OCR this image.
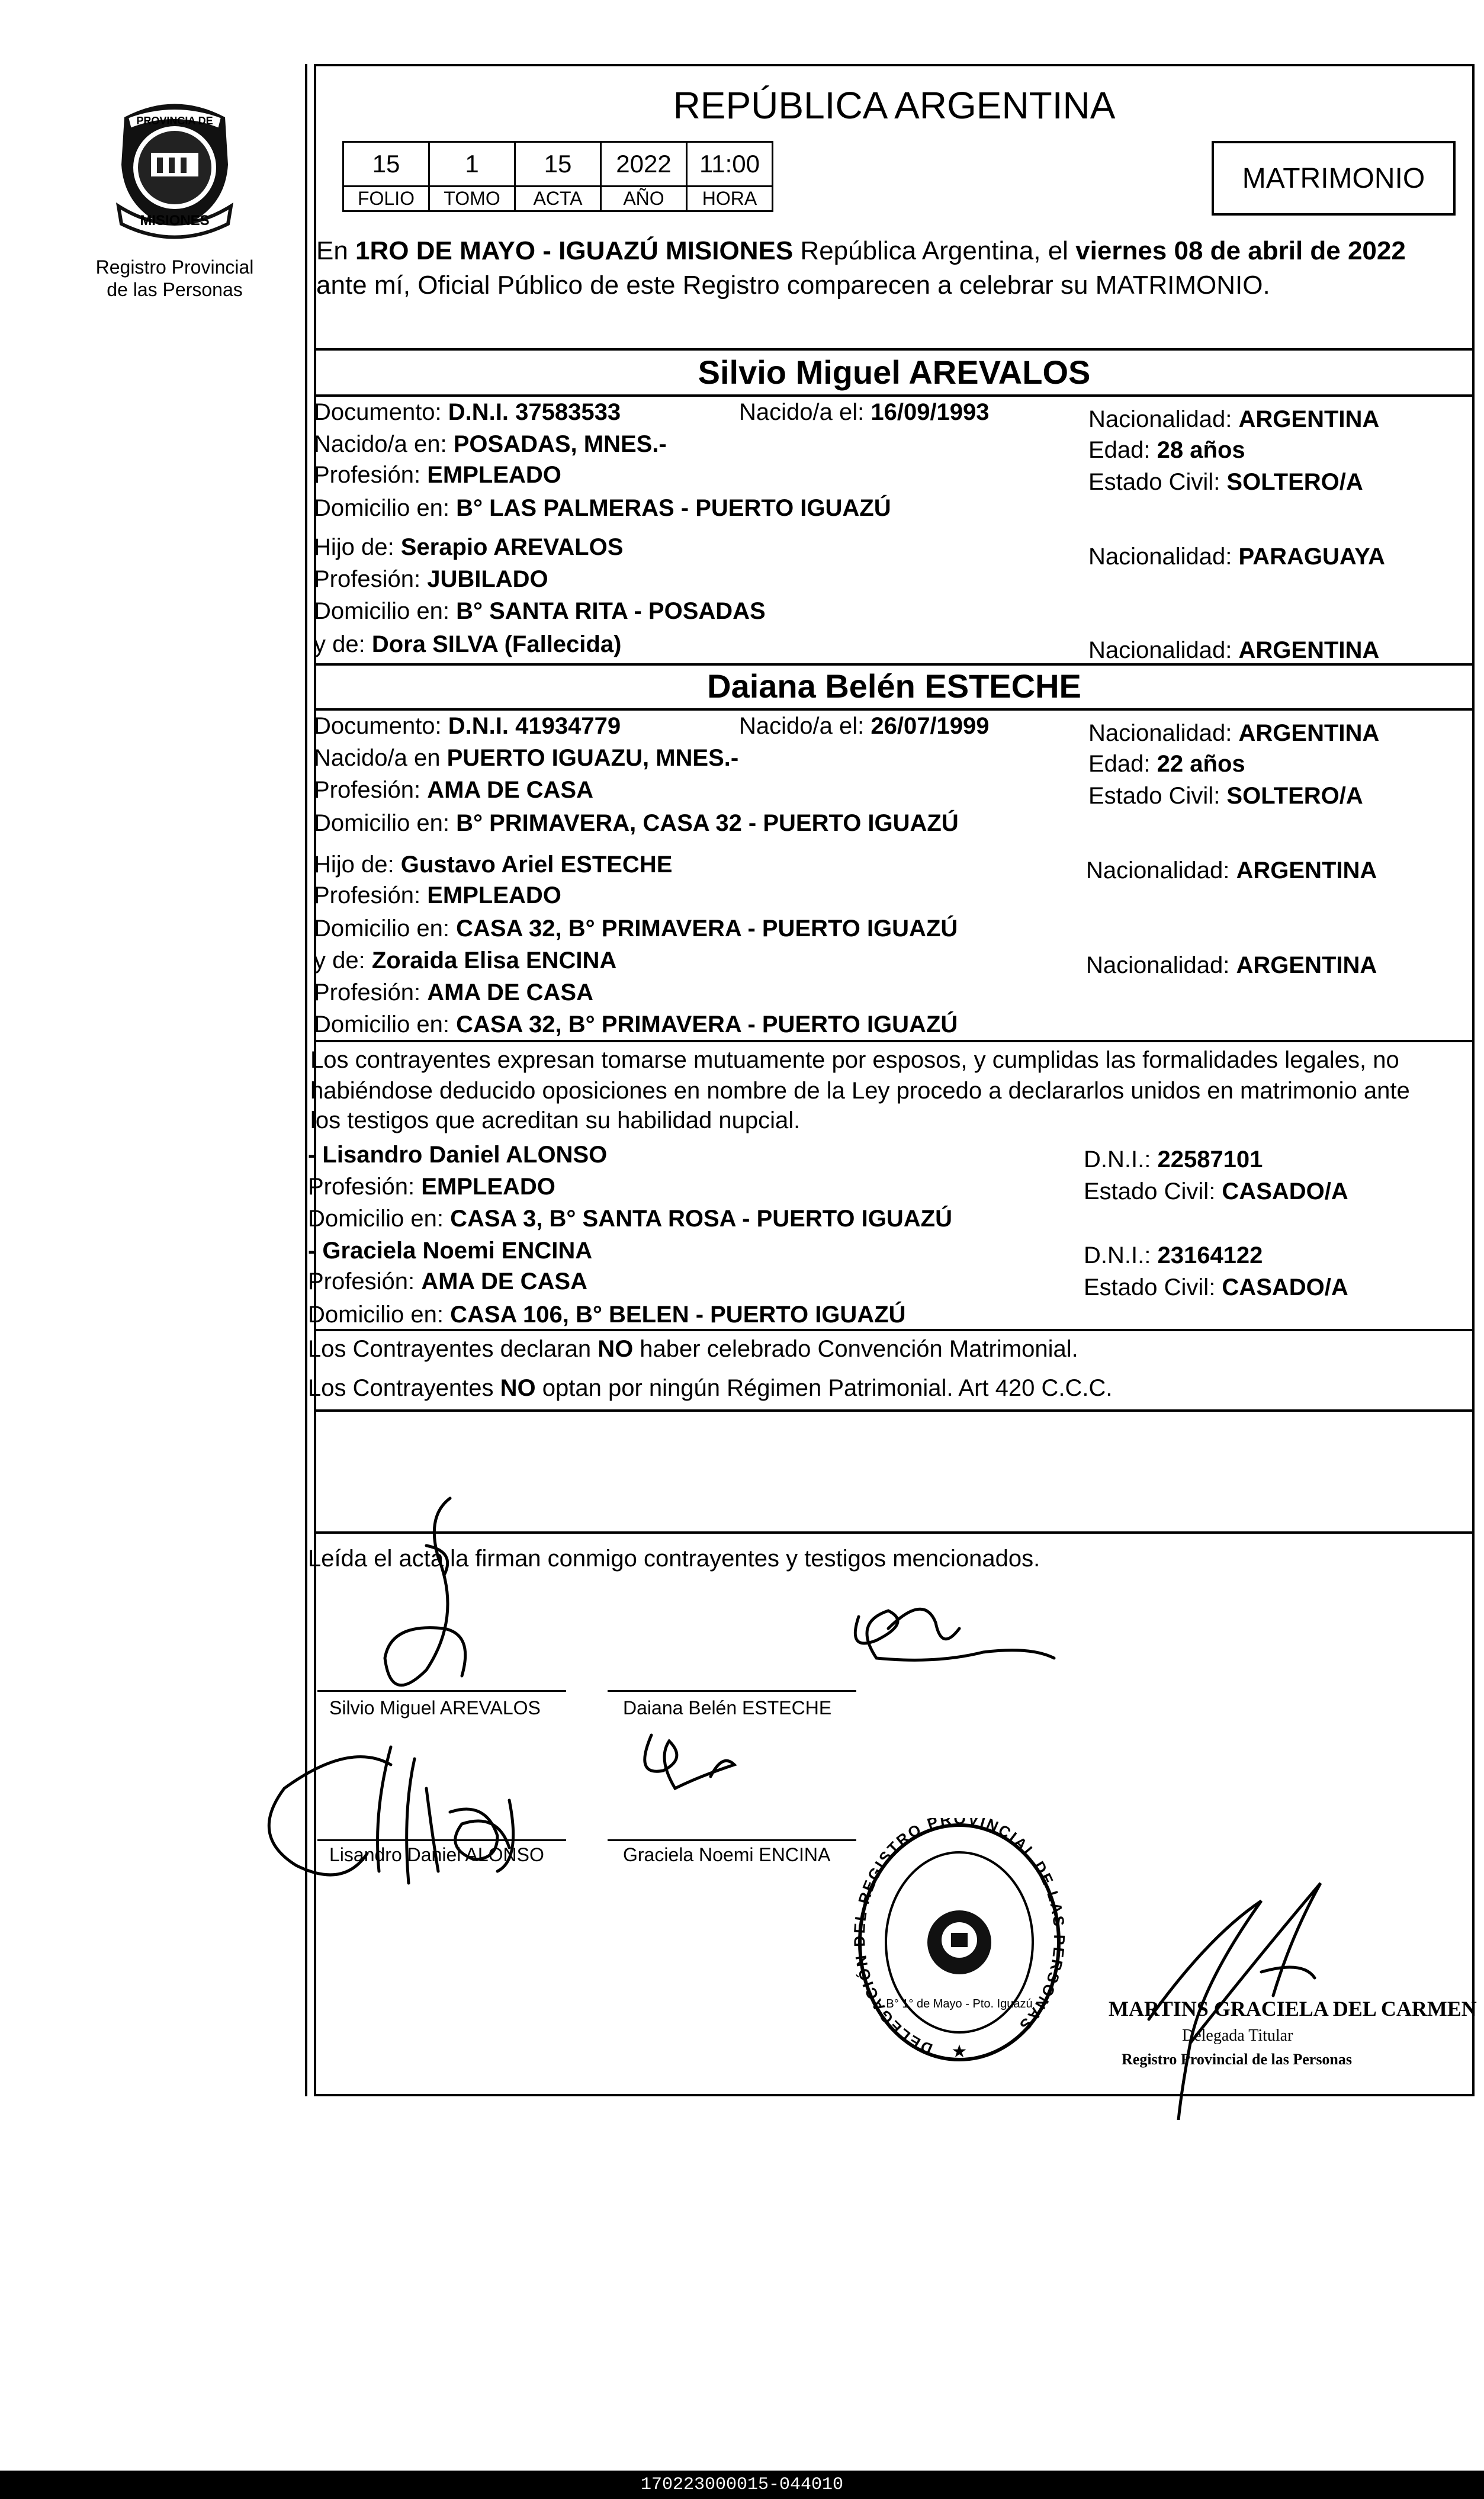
PROVINCIA DE
MISIONES
Registro Provincial
de las Personas
REPÚBLICA ARGENTINA
15	1	15	2022	11:00
FOLIO	TOMO	ACTA	AÑO	HORA
MATRIMONIO
En 1RO DE MAYO - IGUAZÚ MISIONES República Argentina, el viernes 08 de abril de 2022
ante mí, Oficial Público de este Registro comparecen a celebrar su MATRIMONIO.
Silvio Miguel AREVALOS
Documento: D.N.I. 37583533	Nacido/a el: 16/09/1993	Nacionalidad: ARGENTINA
Nacido/a en: POSADAS, MNES.-	Edad: 28 años
Profesión: EMPLEADO	Estado Civil: SOLTERO/A
Domicilio en: B° LAS PALMERAS - PUERTO IGUAZÚ
Hijo de: Serapio AREVALOS	Nacionalidad: PARAGUAYA
Profesión: JUBILADO
Domicilio en: B° SANTA RITA - POSADAS
y de: Dora SILVA (Fallecida)	Nacionalidad: ARGENTINA
Daiana Belén ESTECHE
Documento: D.N.I. 41934779	Nacido/a el: 26/07/1999	Nacionalidad: ARGENTINA
Nacido/a en PUERTO IGUAZU, MNES.-	Edad: 22 años
Profesión: AMA DE CASA	Estado Civil: SOLTERO/A
Domicilio en: B° PRIMAVERA, CASA 32 - PUERTO IGUAZÚ
Hijo de: Gustavo Ariel ESTECHE	Nacionalidad: ARGENTINA
Profesión: EMPLEADO
Domicilio en: CASA 32, B° PRIMAVERA - PUERTO IGUAZÚ
y de: Zoraida Elisa ENCINA	Nacionalidad: ARGENTINA
Profesión: AMA DE CASA
Domicilio en: CASA 32, B° PRIMAVERA - PUERTO IGUAZÚ
Los contrayentes expresan tomarse mutuamente por esposos, y cumplidas las formalidades legales, no
habiéndose deducido oposiciones en nombre de la Ley procedo a declararlos unidos en matrimonio ante
los testigos que acreditan su habilidad nupcial.
- Lisandro Daniel ALONSO	D.N.I.: 22587101
Profesión: EMPLEADO	Estado Civil: CASADO/A
Domicilio en: CASA 3, B° SANTA ROSA - PUERTO IGUAZÚ
- Graciela Noemi ENCINA	D.N.I.: 23164122
Profesión: AMA DE CASA	Estado Civil: CASADO/A
Domicilio en: CASA 106, B° BELEN - PUERTO IGUAZÚ
Los Contrayentes declaran NO haber celebrado Convención Matrimonial.
Los Contrayentes NO optan por ningún Régimen Patrimonial. Art 420 C.C.C.
Leída el acta la firman conmigo contrayentes y testigos mencionados.
Silvio Miguel AREVALOS	Daiana Belén ESTECHE
Lisandro Daniel ALONSO	Graciela Noemi ENCINA
DELEGACIÓN L REGISTRO PROVINCIAL DE LA RSONAS
B° 1° de Mayo - Pto. Iguazú
★
MARTINS GRACIELA DEL CARMEN
Delegada Titular
Registro Provincial de las Personas
170223000015-044010
